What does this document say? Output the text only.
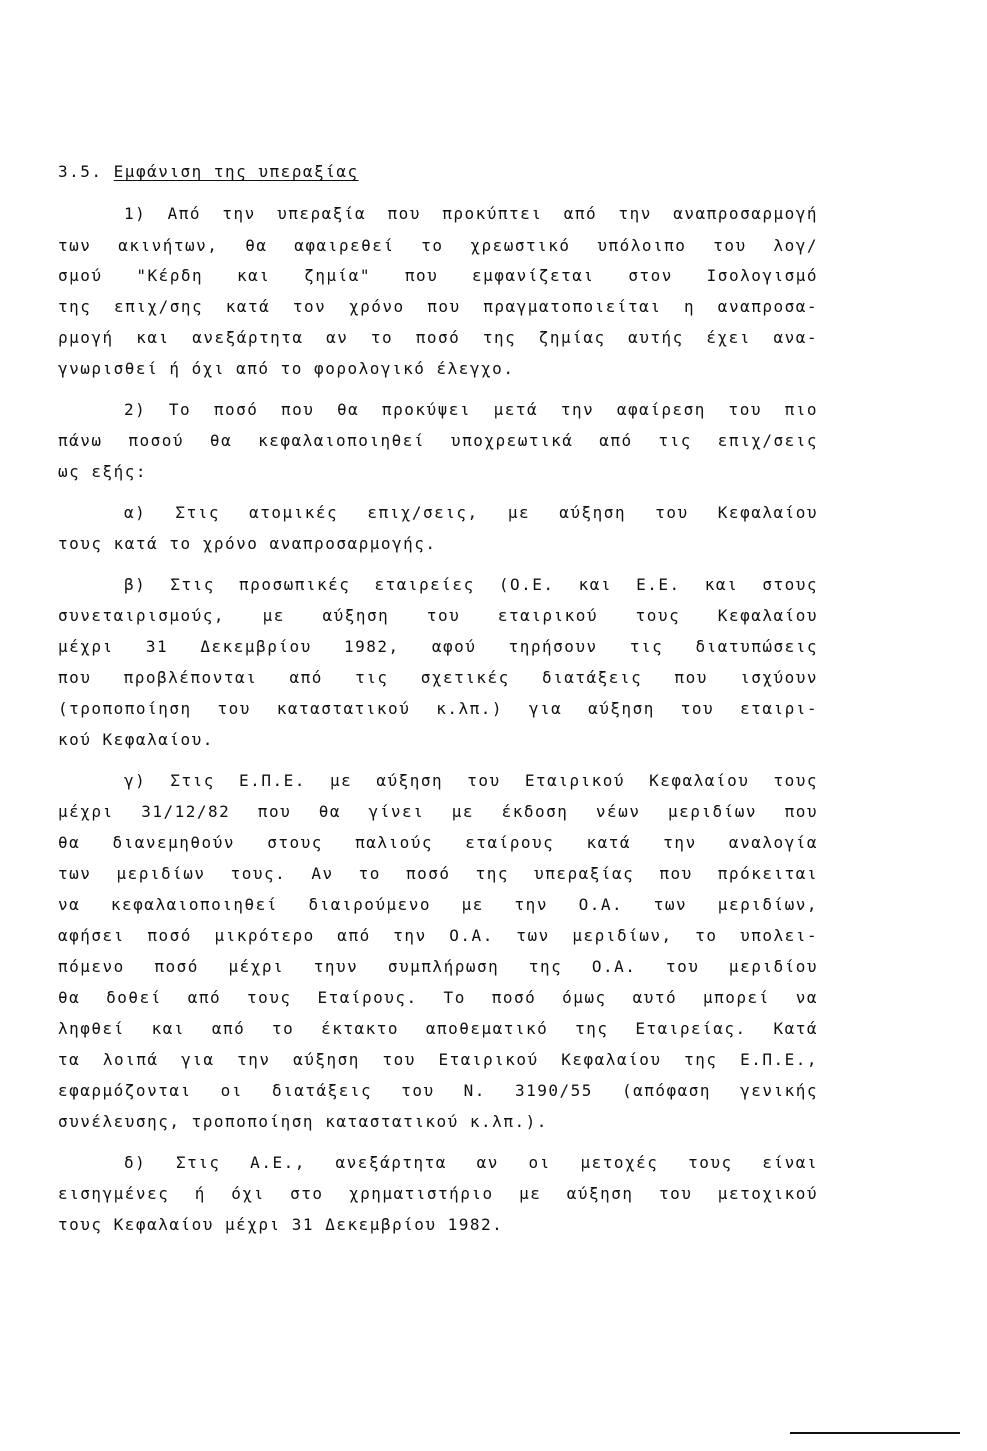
3.5. Εμφάνιση της υπεραξίας
1) Από την υπεραξία που προκύπτει από την αναπροσαρμογή
των ακινήτων, θα αφαιρεθεί το χρεωστικό υπόλοιπο του λογ/
σμού "Κέρδη και ζημία" που εμφανίζεται στον Ισολογισμό
της επιχ/σης κατά τον χρόνο που πραγματοποιείται η αναπροσα-
ρμογή και ανεξάρτητα αν το ποσό της ζημίας αυτής έχει ανα-
γνωρισθεί ή όχι από το φορολογικό έλεγχο.
2) Το ποσό που θα προκύψει μετά την αφαίρεση του πιο
πάνω ποσού θα κεφαλαιοποιηθεί υποχρεωτικά από τις επιχ/σεις
ως εξής:
α) Στις ατομικές επιχ/σεις, με αύξηση του Κεφαλαίου
τους κατά το χρόνο αναπροσαρμογής.
β) Στις προσωπικές εταιρείες (Ο.Ε. και Ε.Ε. και στους
συνεταιρισμούς, με αύξηση του εταιρικού τους Κεφαλαίου
μέχρι 31 Δεκεμβρίου 1982, αφού τηρήσουν τις διατυπώσεις
που προβλέπονται από τις σχετικές διατάξεις που ισχύουν
(τροποποίηση του καταστατικού κ.λπ.) για αύξηση του εταιρι-
κού Κεφαλαίου.
γ) Στις Ε.Π.Ε. με αύξηση του Εταιρικού Κεφαλαίου τους
μέχρι 31/12/82 που θα γίνει με έκδοση νέων μεριδίων που
θα διανεμηθούν στους παλιούς εταίρους κατά την αναλογία
των μεριδίων τους. Αν το ποσό της υπεραξίας που πρόκειται
να κεφαλαιοποιηθεί διαιρούμενο με την Ο.Α. των μεριδίων,
αφήσει ποσό μικρότερο από την Ο.Α. των μεριδίων, το υπολει-
πόμενο ποσό μέχρι τηυν συμπλήρωση της Ο.Α. του μεριδίου
θα δοθεί από τους Εταίρους. Το ποσό όμως αυτό μπορεί να
ληφθεί και από το έκτακτο αποθεματικό της Εταιρείας. Κατά
τα λοιπά για την αύξηση του Εταιρικού Κεφαλαίου της Ε.Π.Ε.,
εφαρμόζονται οι διατάξεις του Ν. 3190/55 (απόφαση γενικής
συνέλευσης, τροποποίηση καταστατικού κ.λπ.).
δ) Στις Α.Ε., ανεξάρτητα αν οι μετοχές τους είναι
εισηγμένες ή όχι στο χρηματιστήριο με αύξηση του μετοχικού
τους Κεφαλαίου μέχρι 31 Δεκεμβρίου 1982.
